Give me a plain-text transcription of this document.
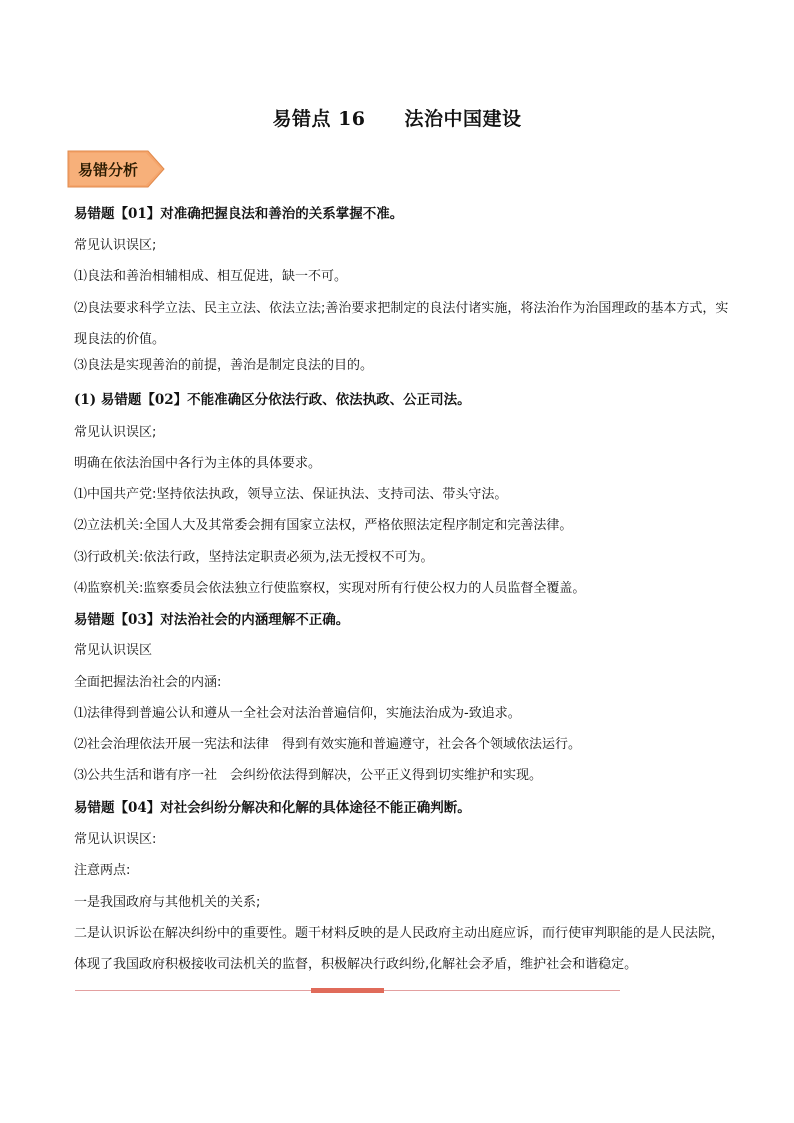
易错点 16　　法治中国建设
易错分析
易错题【01】对准确把握良法和善治的关系掌握不准。
常见认识误区;
⑴良法和善治相辅相成、相互促进，缺一不可。
⑵良法要求科学立法、民主立法、依法立法;善治要求把制定的良法付诸实施，将法治作为治国理政的基本方式，实现良法的价值。
⑶良法是实现善治的前提，善治是制定良法的目的。
(1) 易错题【02】不能准确区分依法行政、依法执政、公正司法。
常见认识误区;
明确在依法治国中各行为主体的具体要求。
⑴中国共产党:坚持依法执政，领导立法、保证执法、支持司法、带头守法。
⑵立法机关:全国人大及其常委会拥有国家立法权，严格依照法定程序制定和完善法律。
⑶行政机关:依法行政，坚持法定职责必须为,法无授权不可为。
⑷监察机关:监察委员会依法独立行使监察权，实现对所有行使公权力的人员监督全覆盖。
易错题【03】对法治社会的内涵理解不正确。
常见认识误区
全面把握法治社会的内涵:
⑴法律得到普遍公认和遵从一全社会对法治普遍信仰，实施法治成为-致追求。
⑵社会治理依法开展一宪法和法律　得到有效实施和普遍遵守，社会各个领域依法运行。
⑶公共生活和谐有序一社　会纠纷依法得到解决，公平正义得到切实维护和实现。
易错题【04】对社会纠纷分解决和化解的具体途径不能正确判断。
常见认识误区:
注意两点:
一是我国政府与其他机关的关系;
二是认识诉讼在解决纠纷中的重要性。题干材料反映的是人民政府主动出庭应诉，而行使审判职能的是人民法院，体现了我国政府积极接收司法机关的监督，积极解决行政纠纷,化解社会矛盾，维护社会和谐稳定。
